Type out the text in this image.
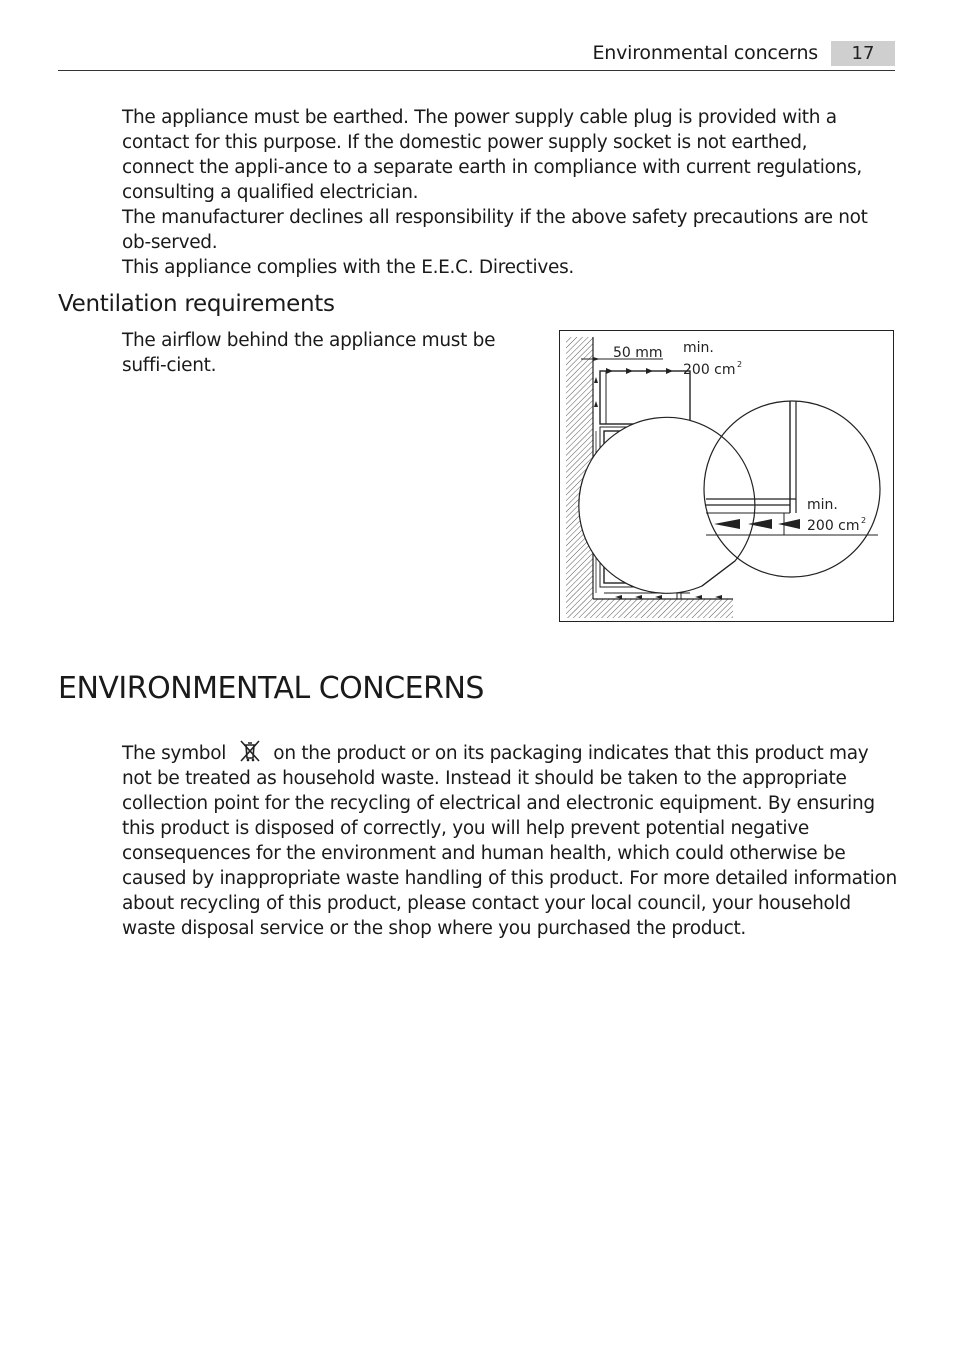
Environmental concerns	17
The appliance must be earthed. The power supply cable plug is provided with a contact for this purpose. If the domestic power supply socket is not earthed, connect the appli-ance to a separate earth in compliance with current regulations, consulting a qualified electrician.
The manufacturer declines all responsibility if the above safety precautions are not ob-served.
This appliance complies with the E.E.C. Directives.
Ventilation requirements
The airflow behind the appliance must be suffi-cient.
50 mm min.
200 cm 2
min.
200 cm 2
ENVIRONMENTAL CONCERNS
The symbol	on the product or on its packaging indicates that this product may not be treated as household waste. Instead it should be taken to the appropriate collection point for the recycling of electrical and electronic equipment. By ensuring this product is disposed of correctly, you will help prevent potential negative consequences for the environment and human health, which could otherwise be caused by inappropriate waste handling of this product. For more detailed information about recycling of this product, please contact your local council, your household waste disposal service or the shop where you purchased the product.
